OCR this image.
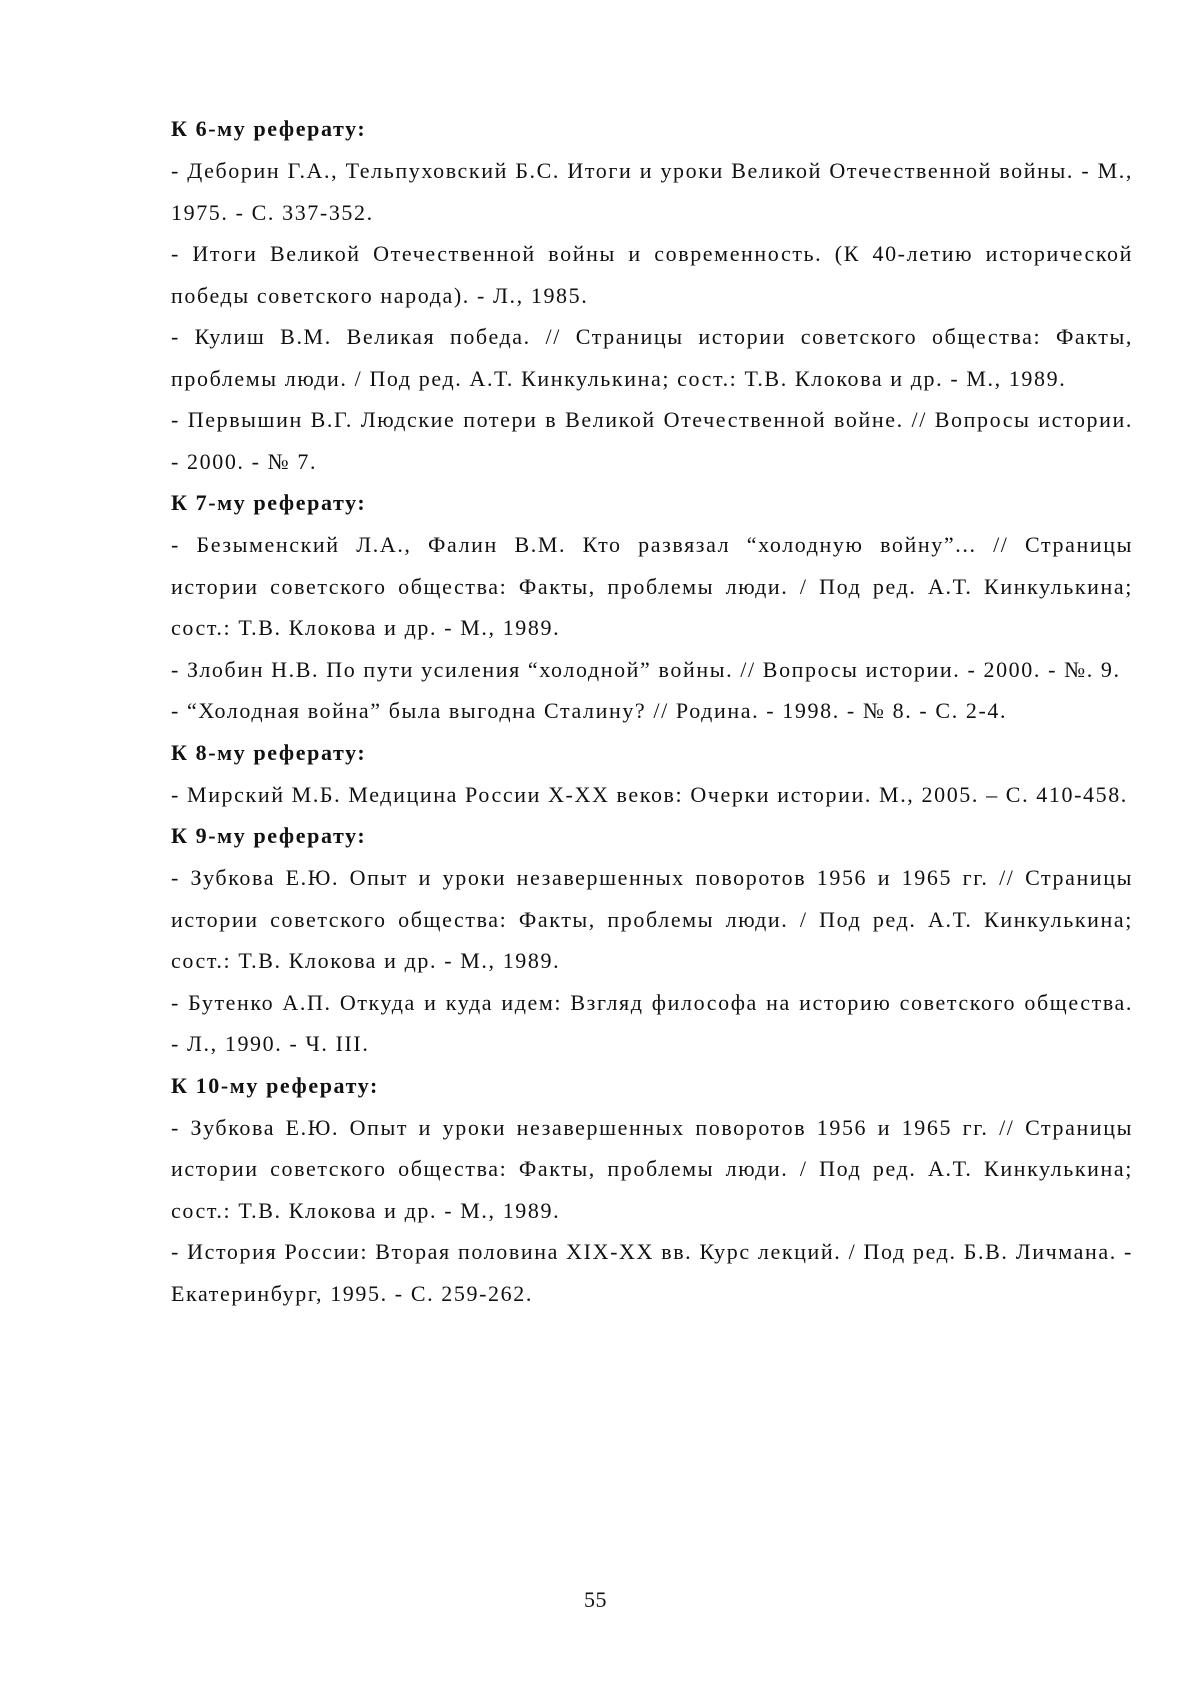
К 6-му реферату:

- Деборин Г.А., Тельпуховский Б.С. Итоги и уроки Великой Отечественной войны. - М., 1975. - С. 337-352.

- Итоги Великой Отечественной войны и современность. (К 40-летию исторической победы советского народа). - Л., 1985.

- Кулиш В.М. Великая победа. // Страницы истории советского общества: Факты, проблемы люди. / Под ред. А.Т. Кинкулькина; сост.: Т.В. Клокова и др. - М., 1989.

- Первышин В.Г. Людские потери в Великой Отечественной войне. // Вопросы истории. - 2000. - № 7.

К 7-му реферату:

- Безыменский Л.А., Фалин В.М. Кто развязал “холодную войну”... // Страницы истории советского общества: Факты, проблемы люди. / Под ред. А.Т. Кинкулькина; сост.: Т.В. Клокова и др. - М., 1989.

- Злобин Н.В. По пути усиления “холодной” войны. // Вопросы истории. - 2000. - №. 9.

- “Холодная война” была выгодна Сталину? // Родина. - 1998. - № 8. - С. 2-4.

К 8-му реферату:

- Мирский М.Б. Медицина России X-XX веков: Очерки истории. М., 2005. – С. 410-458.

К 9-му реферату:

- Зубкова Е.Ю. Опыт и уроки незавершенных поворотов 1956 и 1965 гг. // Страницы истории советского общества: Факты, проблемы люди. / Под ред. А.Т. Кинкулькина; сост.: Т.В. Клокова и др. - М., 1989.

- Бутенко А.П. Откуда и куда идем: Взгляд философа на историю советского общества. - Л., 1990. - Ч. III.

К 10-му реферату:

- Зубкова Е.Ю. Опыт и уроки незавершенных поворотов 1956 и 1965 гг. // Страницы истории советского общества: Факты, проблемы люди. / Под ред. А.Т. Кинкулькина; сост.: Т.В. Клокова и др. - М., 1989.

- История России: Вторая половина XIX-XX вв. Курс лекций. / Под ред. Б.В. Личмана. - Екатеринбург, 1995. - С. 259-262.

55
